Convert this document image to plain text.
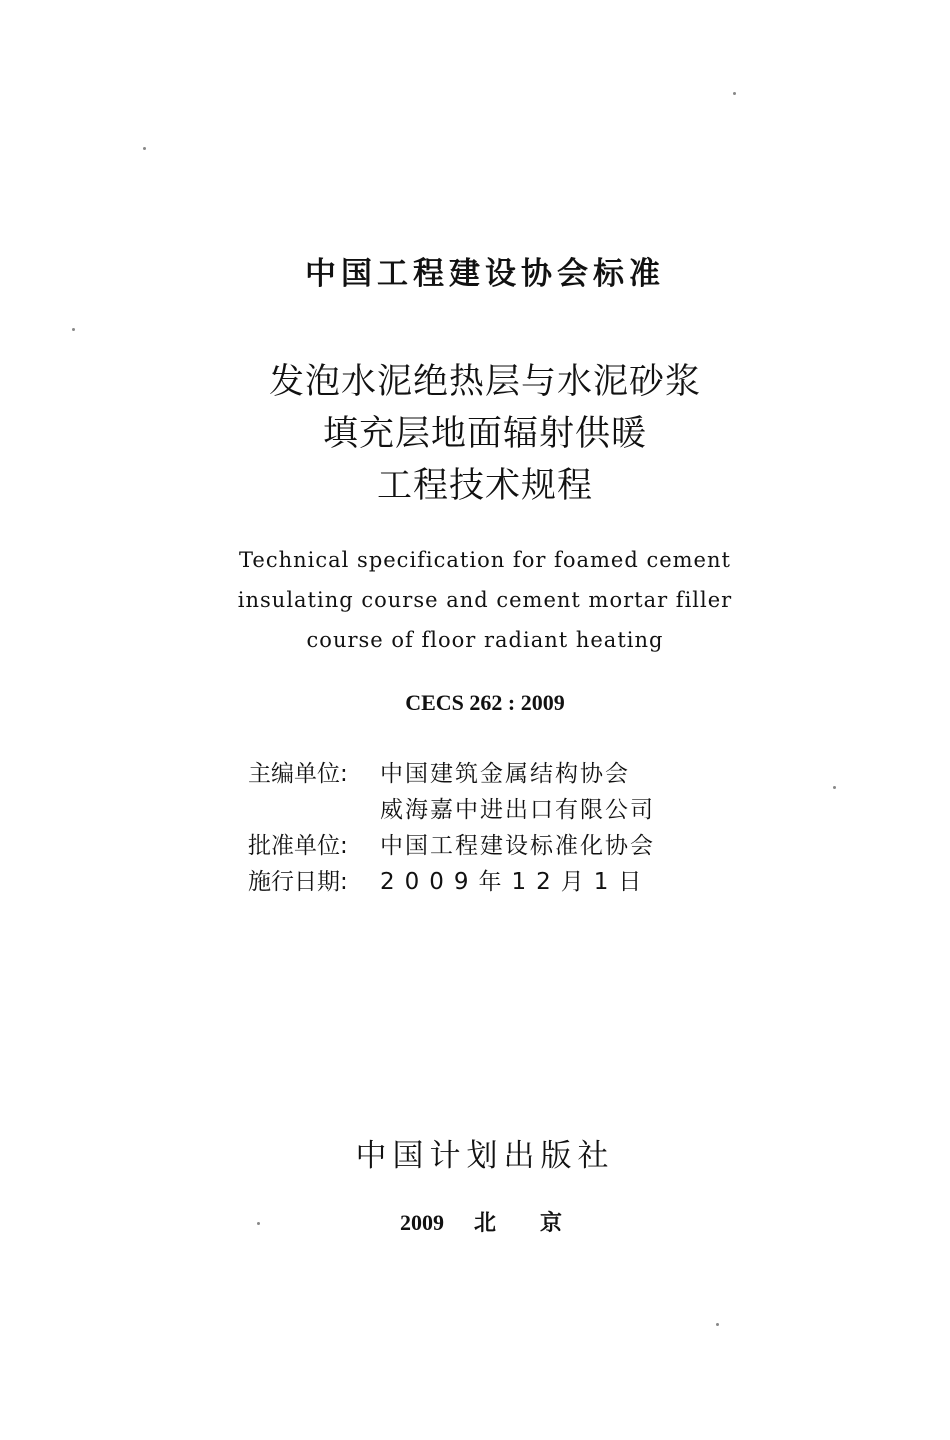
中国工程建设协会标准
发泡水泥绝热层与水泥砂浆
填充层地面辐射供暖
工程技术规程
Technical specification for foamed cement
insulating course and cement mortar filler
course of floor radiant heating
CECS 262 : 2009
主编单位:	中国建筑金属结构协会
威海嘉中进出口有限公司
批准单位:	中国工程建设标准化协会
施行日期:	2009年12月1日
中国计划出版社
2009 北 京
